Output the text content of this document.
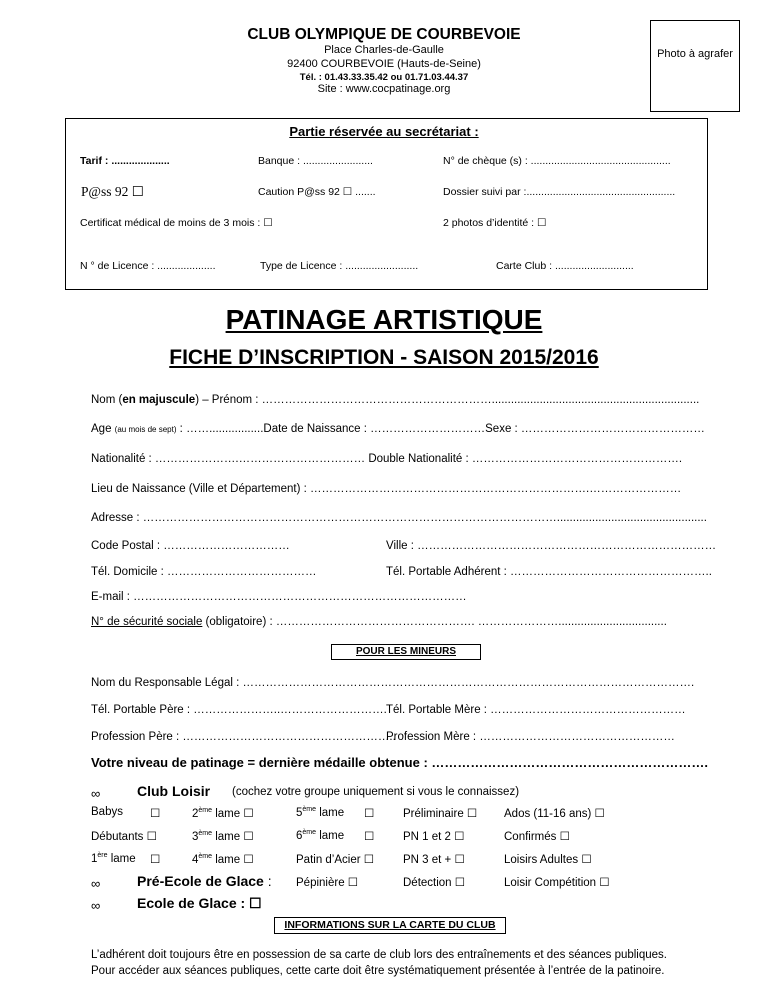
CLUB OLYMPIQUE DE COURBEVOIE
Place Charles-de-Gaulle
92400 COURBEVOIE (Hauts-de-Seine)
Tél. : 01.43.33.35.42 ou 01.71.03.44.37
Site : www.cocpatinage.org
Photo à agrafer
Partie réservée au secrétariat :
Tarif : ....................	Banque : ........................	N° de chèque (s) : ................................................
P@ss 92 ☐	Caution P@ss 92 ☐ .......	Dossier suivi par :...................................................
Certificat médical de moins de 3 mois : ☐	2 photos d’identité : ☐
N ° de Licence : ....................	Type de Licence : .........................	Carte Club : ...........................
PATINAGE ARTISTIQUE
FICHE D’INSCRIPTION - SAISON 2015/2016
Nom (en majuscule) – Prénom : …………………………………………………….................................................................
Age (au mois de sept) : …….................Date de Naissance : …………………………Sexe : …………………………………………
Nationalité : ………………….…………………………… Double Nationalité : ……………………………………………….
Lieu de Naissance (Ville et Département) : ……………………………………………………………….……………………
Adresse : ………………………………………………………………………………………………...............................................
Code Postal : ……………………………	Ville : ……………………………………………………………………
Tél. Domicile : …………………………………	Tél. Portable Adhérent : ……………………………………………..
E-mail : ……………………………………………………………………………
N° de sécurité sociale (obligatoire) : ……………………………………………. …………………..................................
POUR LES MINEURS
Nom du Responsable Légal : ……………………………………………………………………………………………………….
Tél. Portable Père : …………………..………………………. Tél. Portable Mère : ……………………………………………
Profession Père : ………………………………………………..
Profession Mère : ……………………………………………
Votre niveau de patinage = dernière médaille obtenue : ……………………………………………………….
∞	Club Loisir (cochez votre groupe uniquement si vous le connaissez)
Babys ☐	2ème lame ☐	5ème lame ☐ Préliminaire ☐ Ados (11-16 ans) ☐
Débutants ☐	3ème lame ☐	6ème lame ☐ PN 1 et 2 ☐	Confirmés ☐
1ère lame ☐	4ème lame ☐	Patin d’Acier ☐	PN 3 et + ☐	Loisirs Adultes ☐
∞	Pré-Ecole de Glace : Pépinière ☐	Détection ☐	Loisir Compétition ☐
∞	Ecole de Glace : ☐
INFORMATIONS SUR LA CARTE DU CLUB
L’adhérent doit toujours être en possession de sa carte de club lors des entraînements et des séances publiques.
Pour accéder aux séances publiques, cette carte doit être systématiquement présentée à l’entrée de la patinoire.
